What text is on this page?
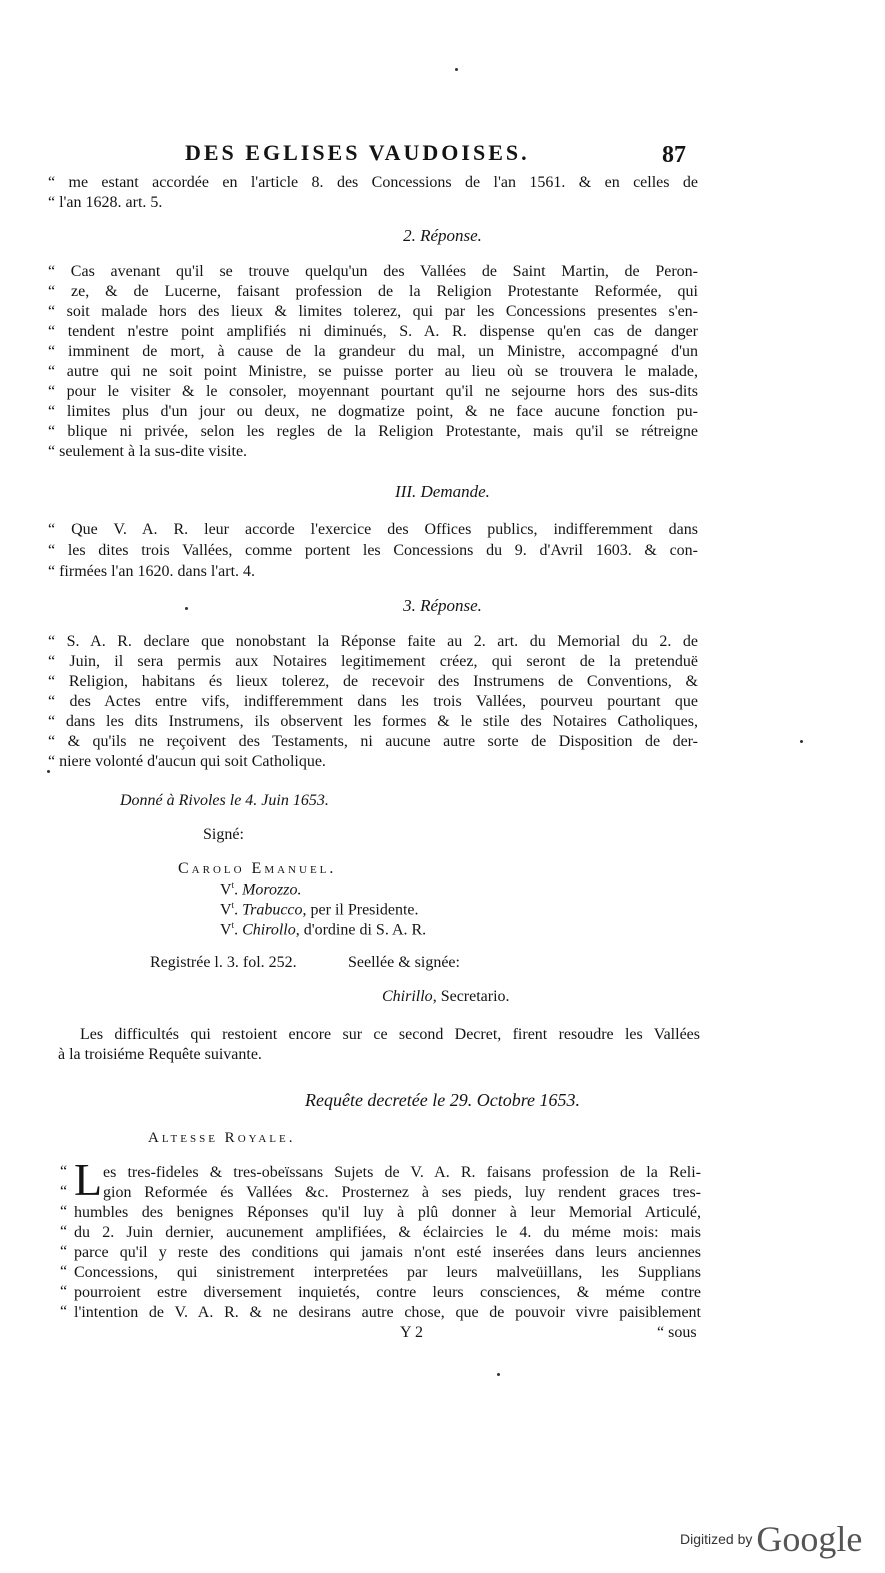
DES EGLISES VAUDOISES.	87
“ me estant accordée en l'article 8. des Concessions de l'an 1561. & en celles de
“ l'an 1628. art. 5.
2. Réponse.
“ Cas avenant qu'il se trouve quelqu'un des Vallées de Saint Martin, de Peron-
“ ze, & de Lucerne, faisant profession de la Religion Protestante Reformée, qui
“ soit malade hors des lieux & limites tolerez, qui par les Concessions presentes s'en-
“ tendent n'estre point amplifiés ni diminués, S. A. R. dispense qu'en cas de danger
“ imminent de mort, à cause de la grandeur du mal, un Ministre, accompagné d'un
“ autre qui ne soit point Ministre, se puisse porter au lieu où se trouvera le malade,
“ pour le visiter & le consoler, moyennant pourtant qu'il ne sejourne hors des sus-dits
“ limites plus d'un jour ou deux, ne dogmatize point, & ne face aucune fonction pu-
“ blique ni privée, selon les regles de la Religion Protestante, mais qu'il se rétreigne
“ seulement à la sus-dite visite.
III. Demande.
“ Que V. A. R. leur accorde l'exercice des Offices publics, indifferemment dans
“ les dites trois Vallées, comme portent les Concessions du 9. d'Avril 1603. & con-
“ firmées l'an 1620. dans l'art. 4.
3. Réponse.
“ S. A. R. declare que nonobstant la Réponse faite au 2. art. du Memorial du 2. de
“ Juin, il sera permis aux Notaires legitimement créez, qui seront de la pretenduë
“ Religion, habitans és lieux tolerez, de recevoir des Instrumens de Conventions, &
“ des Actes entre vifs, indifferemment dans les trois Vallées, pourveu pourtant que
“ dans les dits Instrumens, ils observent les formes & le stile des Notaires Catholiques,
“ & qu'ils ne reçoivent des Testaments, ni aucune autre sorte de Disposition de der-
“ niere volonté d'aucun qui soit Catholique.
Donné à Rivoles le 4. Juin 1653.
Signé:
Carolo Emanuel.
$V^t$. Morozzo.
$V^t$. Trabucco, per il Presidente.
$V^t$. Chirollo, d'ordine di S. A. R.
Registrée l. 3. fol. 252.	Seellée & signée:
Chirillo, Secretario.
Les difficultés qui restoient encore sur ce second Decret, firent resoudre les Vallées
à la troisiéme Requête suivante.
Requête decretée le 29. Octobre 1653.
Altesse Royale.
“
“
“
“
“
“
“
“
L es tres-fideles & tres-obeïssans Sujets de V. A. R. faisans profession de la Reli-
gion Reformée és Vallées &c. Prosternez à ses pieds, luy rendent graces tres-
humbles des benignes Réponses qu'il luy à plû donner à leur Memorial Articulé,
du 2. Juin dernier, aucunement amplifiées, & éclaircies le 4. du méme mois: mais
parce qu'il y reste des conditions qui jamais n'ont esté inserées dans leurs anciennes
Concessions, qui sinistrement interpretées par leurs malveüillans, les Supplians
pourroient estre diversement inquietés, contre leurs consciences, & méme contre
l'intention de V. A. R. & ne desirans autre chose, que de pouvoir vivre paisiblement
Y 2	“ sous
Digitized by Google
